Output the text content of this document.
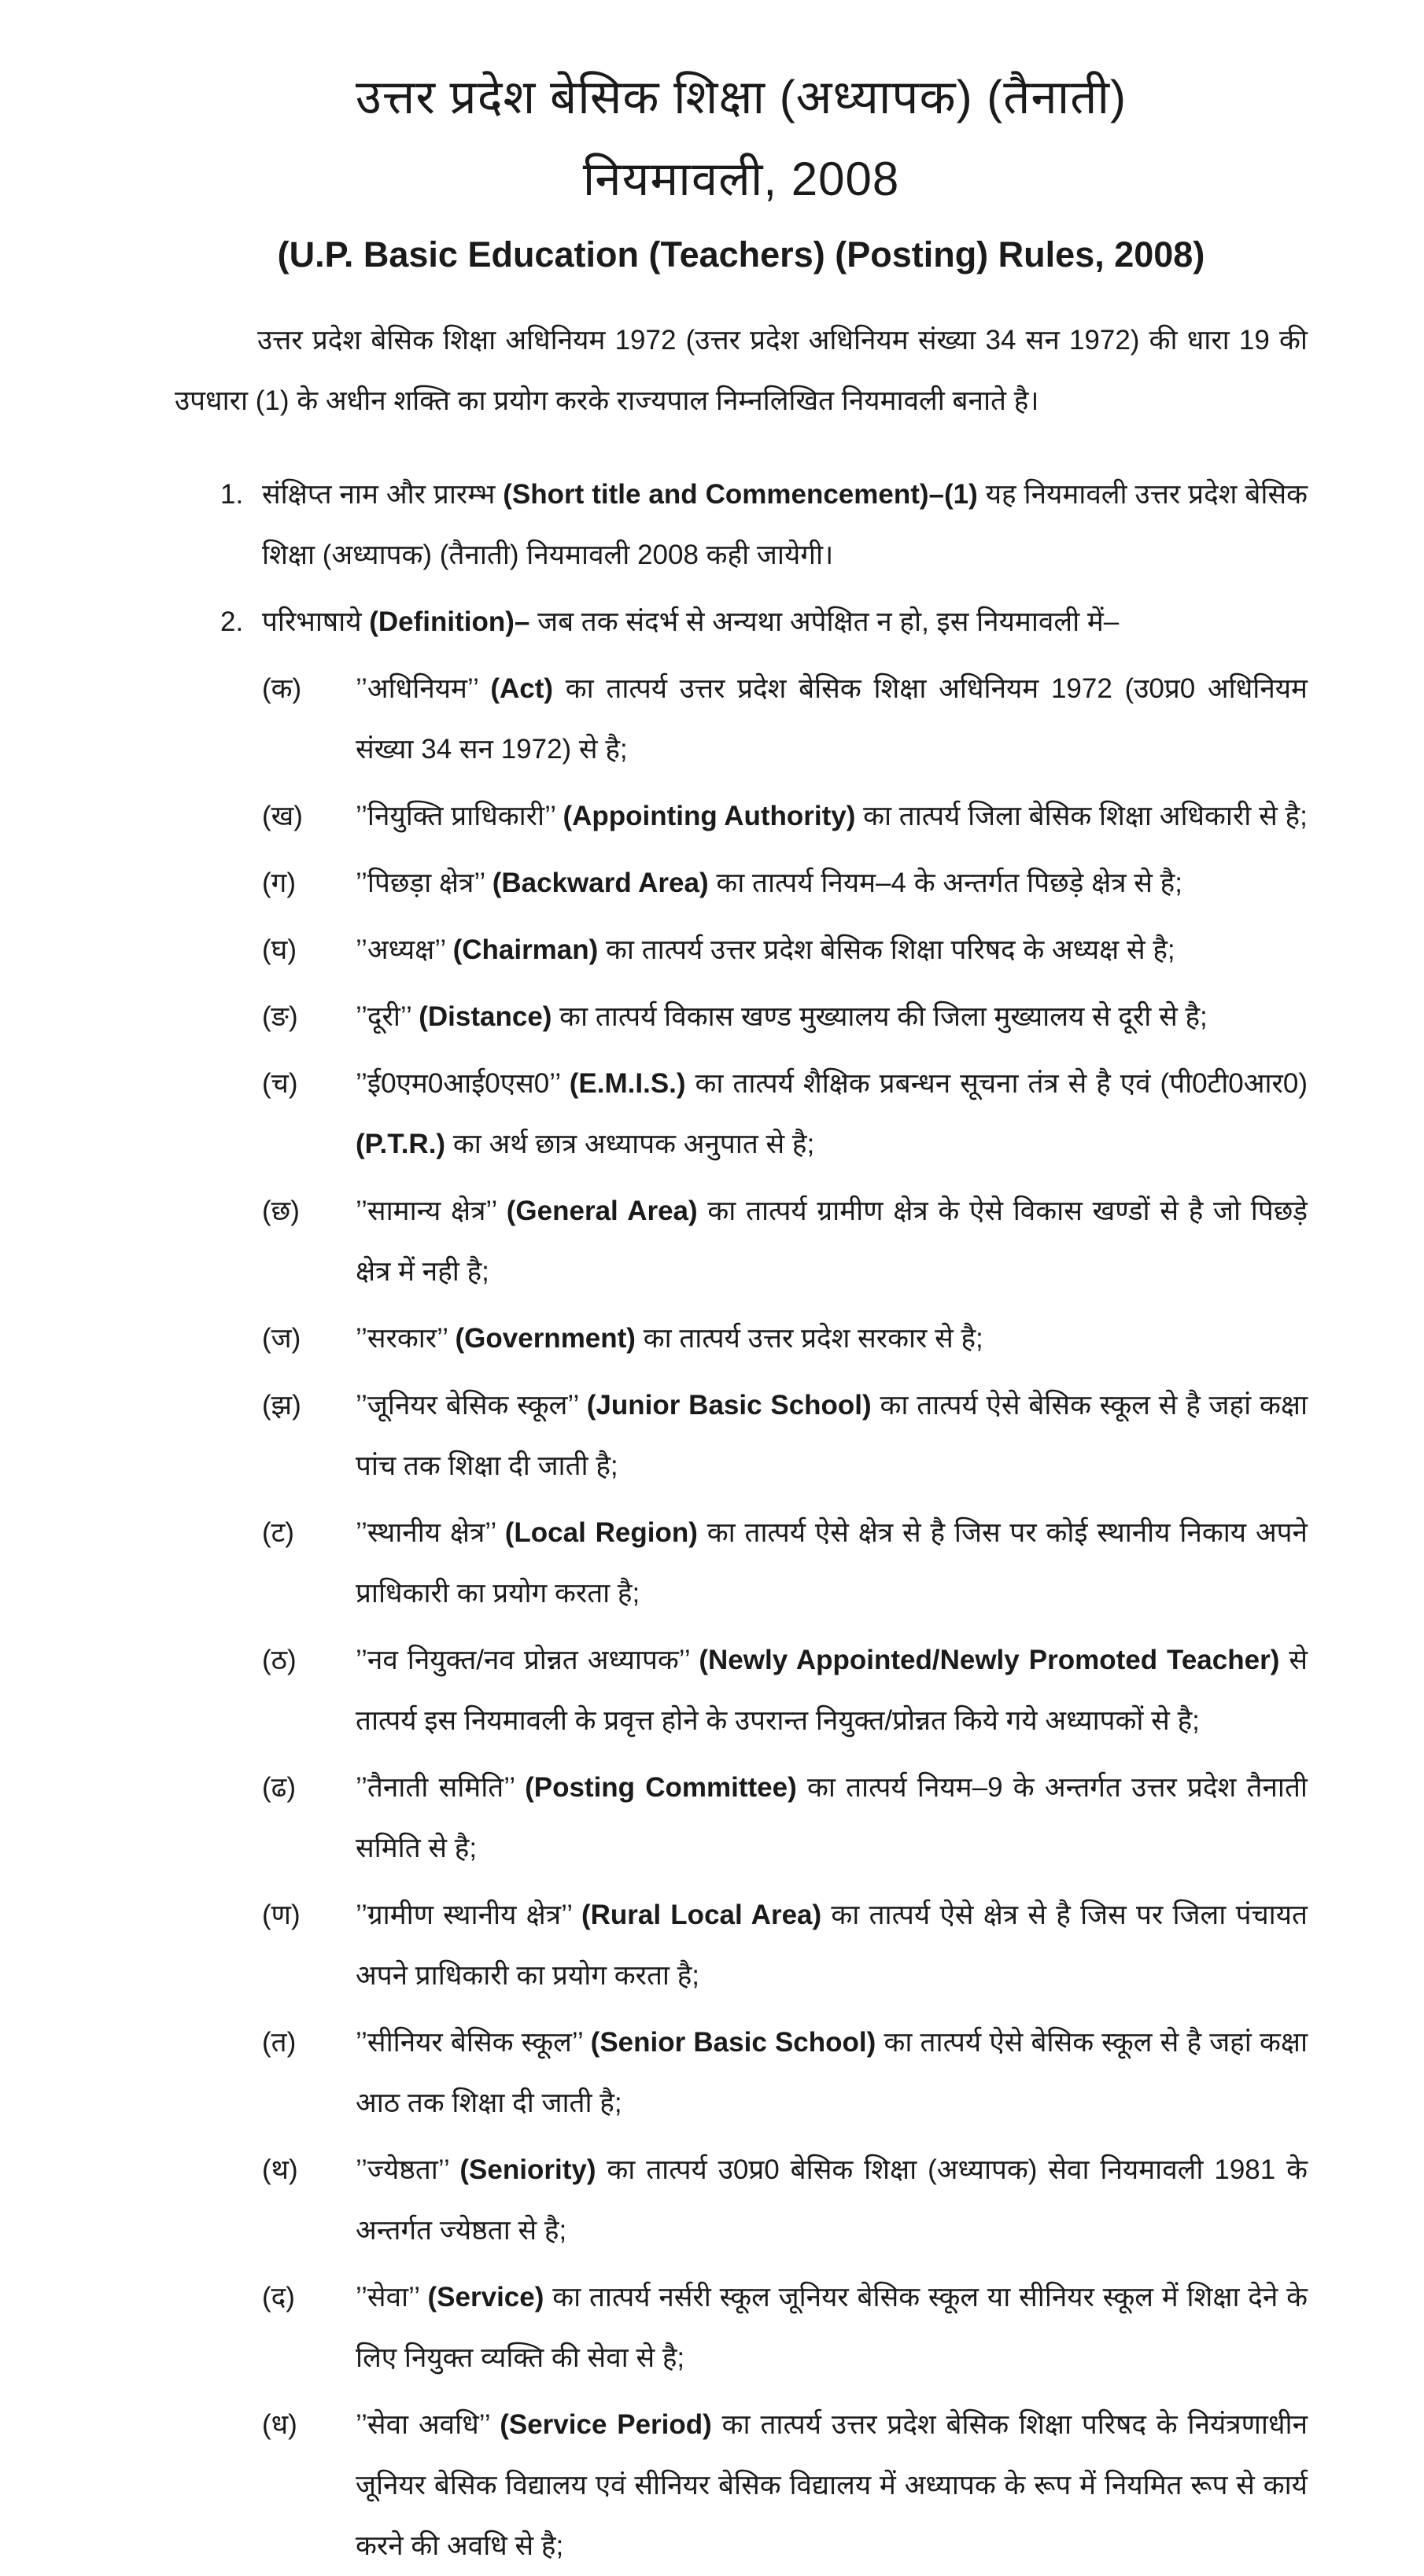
उत्तर प्रदेश बेसिक शिक्षा (अध्यापक) (तैनाती)
नियमावली, 2008
(U.P. Basic Education (Teachers) (Posting) Rules, 2008)

उत्तर प्रदेश बेसिक शिक्षा अधिनियम 1972 (उत्तर प्रदेश अधिनियम संख्या 34 सन 1972) की धारा 19 की उपधारा (1) के अधीन शक्ति का प्रयोग करके राज्यपाल निम्नलिखित नियमावली बनाते है।

1. संक्षिप्त नाम और प्रारम्भ (Short title and Commencement)–(1) यह नियमावली उत्तर प्रदेश बेसिक शिक्षा (अध्यापक) (तैनाती) नियमावली 2008 कही जायेगी।
2. परिभाषाये (Definition)– जब तक संदर्भ से अन्यथा अपेक्षित न हो, इस नियमावली में–
(क)	’’अधिनियम’’ (Act) का तात्पर्य उत्तर प्रदेश बेसिक शिक्षा अधिनियम 1972 (उ0प्र0 अधिनियम संख्या 34 सन 1972) से है;
(ख)	’’नियुक्ति प्राधिकारी’’ (Appointing Authority) का तात्पर्य जिला बेसिक शिक्षा अधिकारी से है;
(ग)	’’पिछड़ा क्षेत्र’’ (Backward Area) का तात्पर्य नियम–4 के अन्तर्गत पिछड़े क्षेत्र से है;
(घ)	’’अध्यक्ष’’ (Chairman) का तात्पर्य उत्तर प्रदेश बेसिक शिक्षा परिषद के अध्यक्ष से है;
(ङ)	’’दूरी’’ (Distance) का तात्पर्य विकास खण्ड मुख्यालय की जिला मुख्यालय से दूरी से है;
(च)	’’ई0एम0आई0एस0’’ (E.M.I.S.) का तात्पर्य शैक्षिक प्रबन्धन सूचना तंत्र से है एवं (पी0टी0आर0) (P.T.R.) का अर्थ छात्र अध्यापक अनुपात से है;
(छ)	’’सामान्य क्षेत्र’’ (General Area) का तात्पर्य ग्रामीण क्षेत्र के ऐसे विकास खण्डों से है जो पिछड़े क्षेत्र में नही है;
(ज)	’’सरकार’’ (Government) का तात्पर्य उत्तर प्रदेश सरकार से है;
(झ)	’’जूनियर बेसिक स्कूल’’ (Junior Basic School) का तात्पर्य ऐसे बेसिक स्कूल से है जहां कक्षा पांच तक शिक्षा दी जाती है;
(ट)	’’स्थानीय क्षेत्र’’ (Local Region) का तात्पर्य ऐसे क्षेत्र से है जिस पर कोई स्थानीय निकाय अपने प्राधिकारी का प्रयोग करता है;
(ठ)	’’नव नियुक्त/नव प्रोन्नत अध्यापक’’ (Newly Appointed/Newly Promoted Teacher) से तात्पर्य इस नियमावली के प्रवृत्त होने के उपरान्त नियुक्त/प्रोन्नत किये गये अध्यापकों से है;
(ढ)	’’तैनाती समिति’’ (Posting Committee) का तात्पर्य नियम–9 के अन्तर्गत उत्तर प्रदेश तैनाती समिति से है;
(ण)	’’ग्रामीण स्थानीय क्षेत्र’’ (Rural Local Area) का तात्पर्य ऐसे क्षेत्र से है जिस पर जिला पंचायत अपने प्राधिकारी का प्रयोग करता है;
(त)	’’सीनियर बेसिक स्कूल’’ (Senior Basic School) का तात्पर्य ऐसे बेसिक स्कूल से है जहां कक्षा आठ तक शिक्षा दी जाती है;
(थ)	’’ज्येष्ठता’’ (Seniority) का तात्पर्य उ0प्र0 बेसिक शिक्षा (अध्यापक) सेवा नियमावली 1981 के अन्तर्गत ज्येष्ठता से है;
(द)	’’सेवा’’ (Service) का तात्पर्य नर्सरी स्कूल जूनियर बेसिक स्कूल या सीनियर स्कूल में शिक्षा देने के लिए नियुक्त व्यक्ति की सेवा से है;
(ध)	’’सेवा अवधि’’ (Service Period) का तात्पर्य उत्तर प्रदेश बेसिक शिक्षा परिषद के नियंत्रणाधीन जूनियर बेसिक विद्यालय एवं सीनियर बेसिक विद्यालय में अध्यापक के रूप में नियमित रूप से कार्य करने की अवधि से है;
